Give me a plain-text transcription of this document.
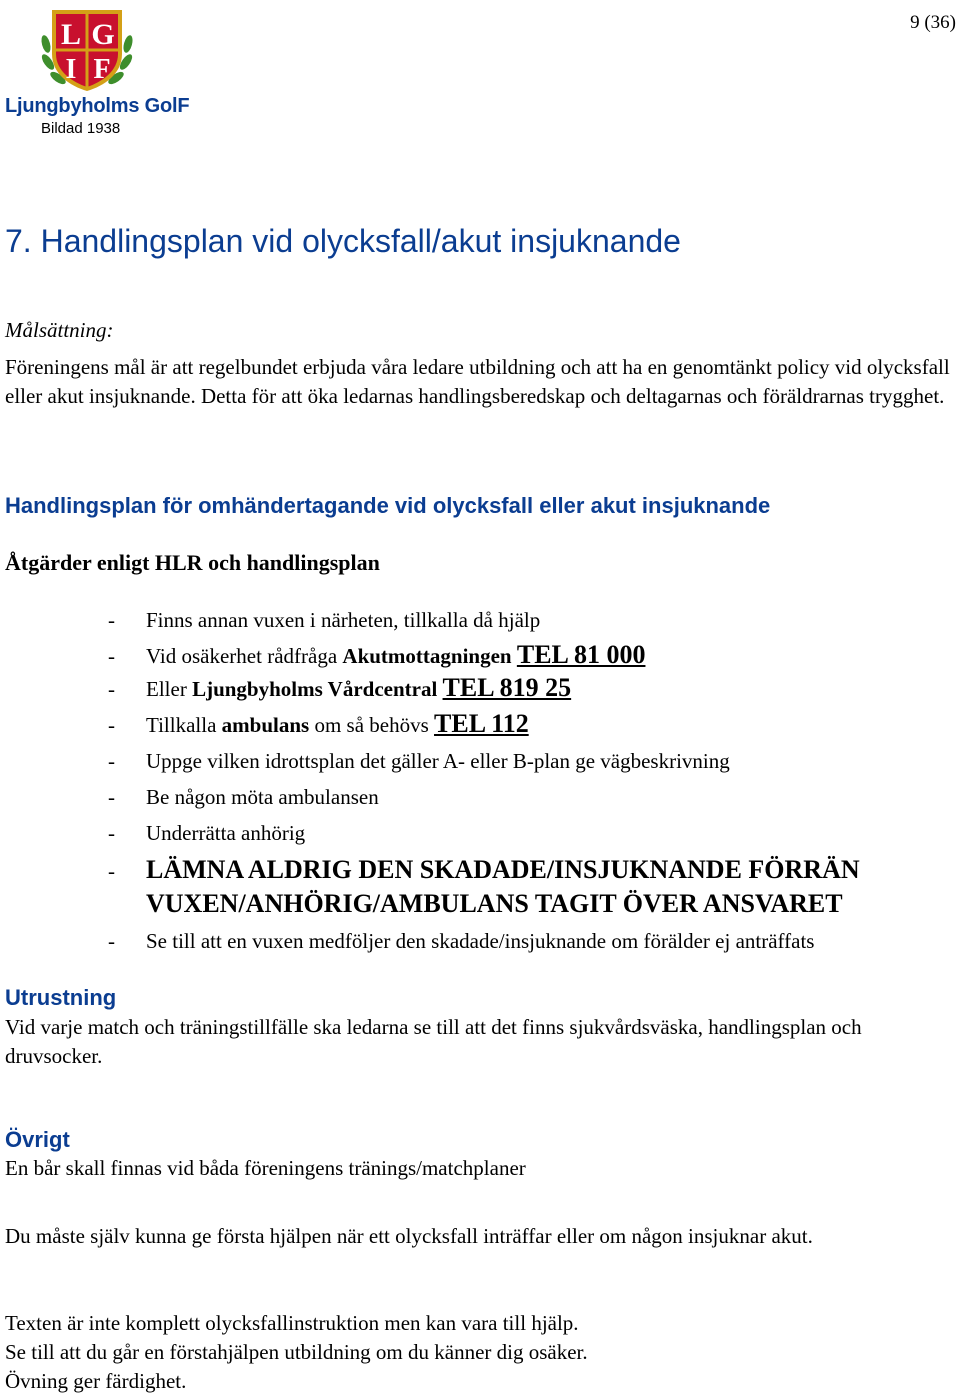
9 (36)
L G
I F
Ljungbyholms GolF
Bildad 1938
7. Handlingsplan vid olycksfall/akut insjuknande
Målsättning:
Föreningens mål är att regelbundet erbjuda våra ledare utbildning och att ha en genomtänkt policy vid olycksfall eller akut insjuknande. Detta för att öka ledarnas handlingsberedskap och deltagarnas och föräldrarnas trygghet.
Handlingsplan för omhändertagande vid olycksfall eller akut insjuknande
Åtgärder enligt HLR och handlingsplan
-	Finns annan vuxen i närheten, tillkalla då hjälp
-	Vid osäkerhet rådfråga Akutmottagningen TEL 81 000
-	Eller Ljungbyholms Vårdcentral TEL 819 25
-	Tillkalla ambulans om så behövs TEL 112
-	Uppge vilken idrottsplan det gäller A- eller B-plan ge vägbeskrivning
-	Be någon möta ambulansen
-	Underrätta anhörig
-	LÄMNA ALDRIG DEN SKADADE/INSJUKNANDE FÖRRÄN VUXEN/ANHÖRIG/AMBULANS TAGIT ÖVER ANSVARET
-	Se till att en vuxen medföljer den skadade/insjuknande om förälder ej anträffats
Utrustning
Vid varje match och träningstillfälle ska ledarna se till att det finns sjukvårdsväska, handlingsplan och druvsocker.
Övrigt
En bår skall finnas vid båda föreningens tränings/matchplaner
Du måste själv kunna ge första hjälpen när ett olycksfall inträffar eller om någon insjuknar akut.
Texten är inte komplett olycksfallinstruktion men kan vara till hjälp.
Se till att du går en förstahjälpen utbildning om du känner dig osäker.
Övning ger färdighet.
